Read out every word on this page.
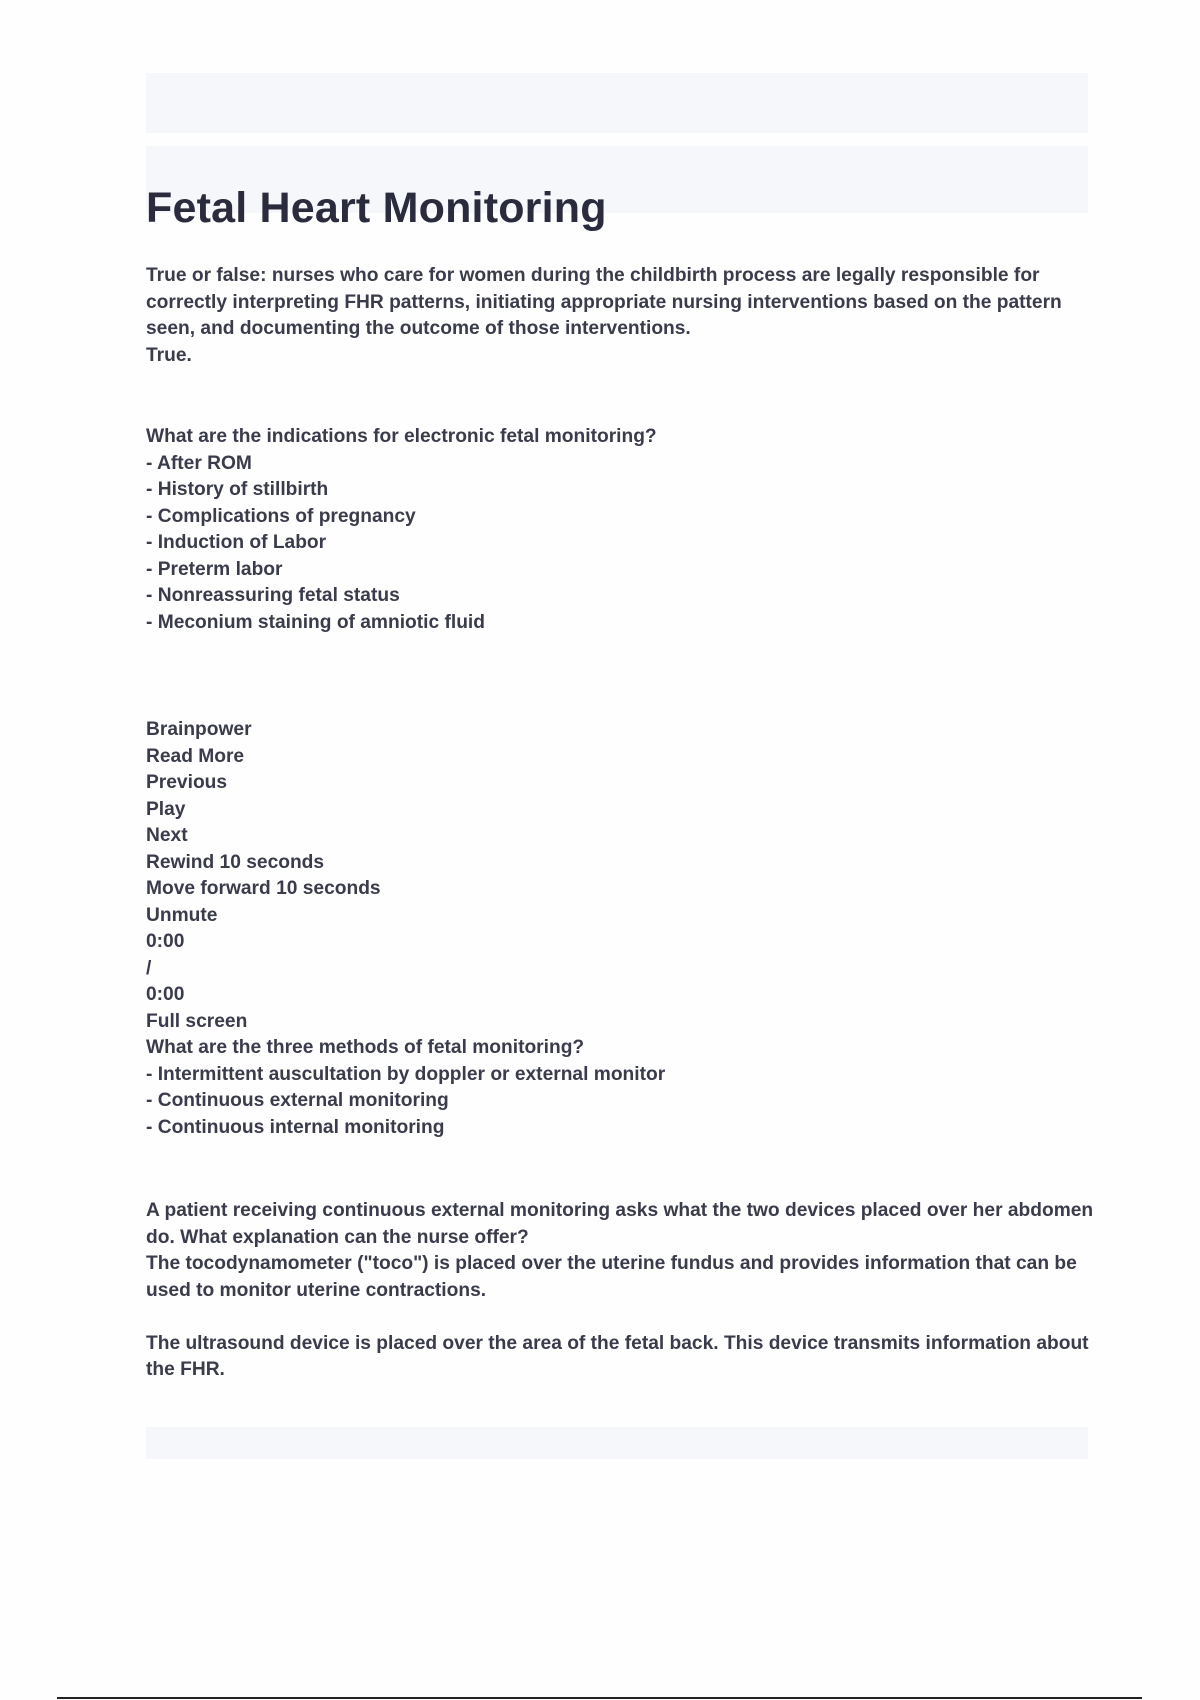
Fetal Heart Monitoring
True or false: nurses who care for women during the childbirth process are legally responsible for correctly interpreting FHR patterns, initiating appropriate nursing interventions based on the pattern seen, and documenting the outcome of those interventions.
True.
What are the indications for electronic fetal monitoring?
- After ROM
- History of stillbirth
- Complications of pregnancy
- Induction of Labor
- Preterm labor
- Nonreassuring fetal status
- Meconium staining of amniotic fluid
Brainpower
Read More
Previous
Play
Next
Rewind 10 seconds
Move forward 10 seconds
Unmute
0:00
/
0:00
Full screen
What are the three methods of fetal monitoring?
- Intermittent auscultation by doppler or external monitor
- Continuous external monitoring
- Continuous internal monitoring
A patient receiving continuous external monitoring asks what the two devices placed over her abdomen do. What explanation can the nurse offer?
The tocodynamometer ("toco") is placed over the uterine fundus and provides information that can be used to monitor uterine contractions.
The ultrasound device is placed over the area of the fetal back. This device transmits information about the FHR.
